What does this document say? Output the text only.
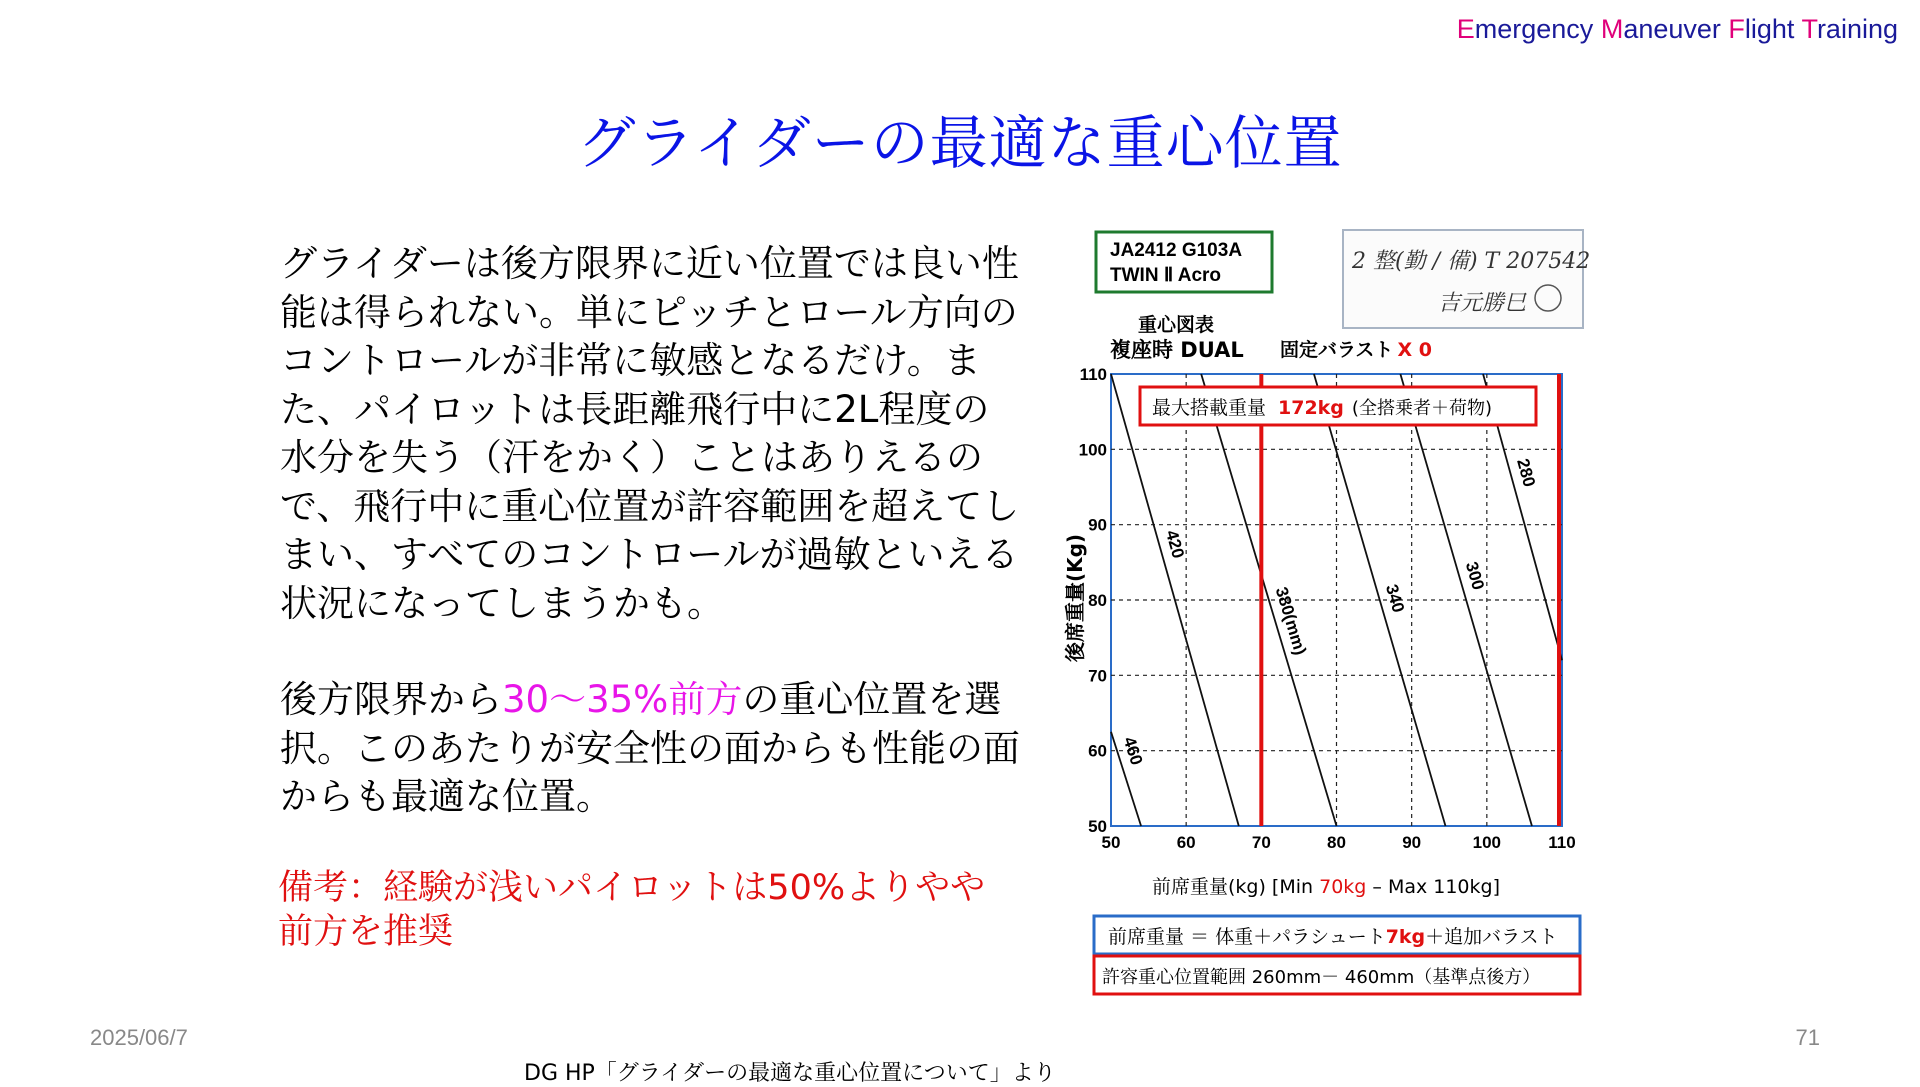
Emergency Maneuver Flight Training
グライダーの最適な重心位置

グライダーは後方限界に近い位置では良い性能は得られない。単にピッチとロール方向のコントロールが非常に敏感となるだけ。また、パイロットは長距離飛行中に2L程度の水分を失う（汗をかく）ことはありえるので、飛行中に重心位置が許容範囲を超えてしまい、すべてのコントロールが過敏といえる状況になってしまうかも。

後方限界から30～35%前方の重心位置を選択。このあたりが安全性の面からも性能の面からも最適な位置。

備考：経験が浅いパイロットは50%よりやや前方を推奨
JA2412 G103A
TWIN Ⅱ Acro
2 整(勤 / 備) T 207542
吉元勝巳
重心図表
複座時 DUAL 固定バラスト X 0
50
60
70
80
90
100
110
50	60	70	80	90	100	110
460
420
380(mm)	340
300
280
最大搭載重量 172kg (全搭乗者＋荷物)
後席重量(Kg)
前席重量(kg) [Min 70kg – Max 110kg]
前席重量 ＝ 体重＋パラシュート7kg＋追加バラスト
許容重心位置範囲 260mm－ 460mm（基準点後方）
2025/06/7	71
DG HP「グライダーの最適な重心位置について」より
